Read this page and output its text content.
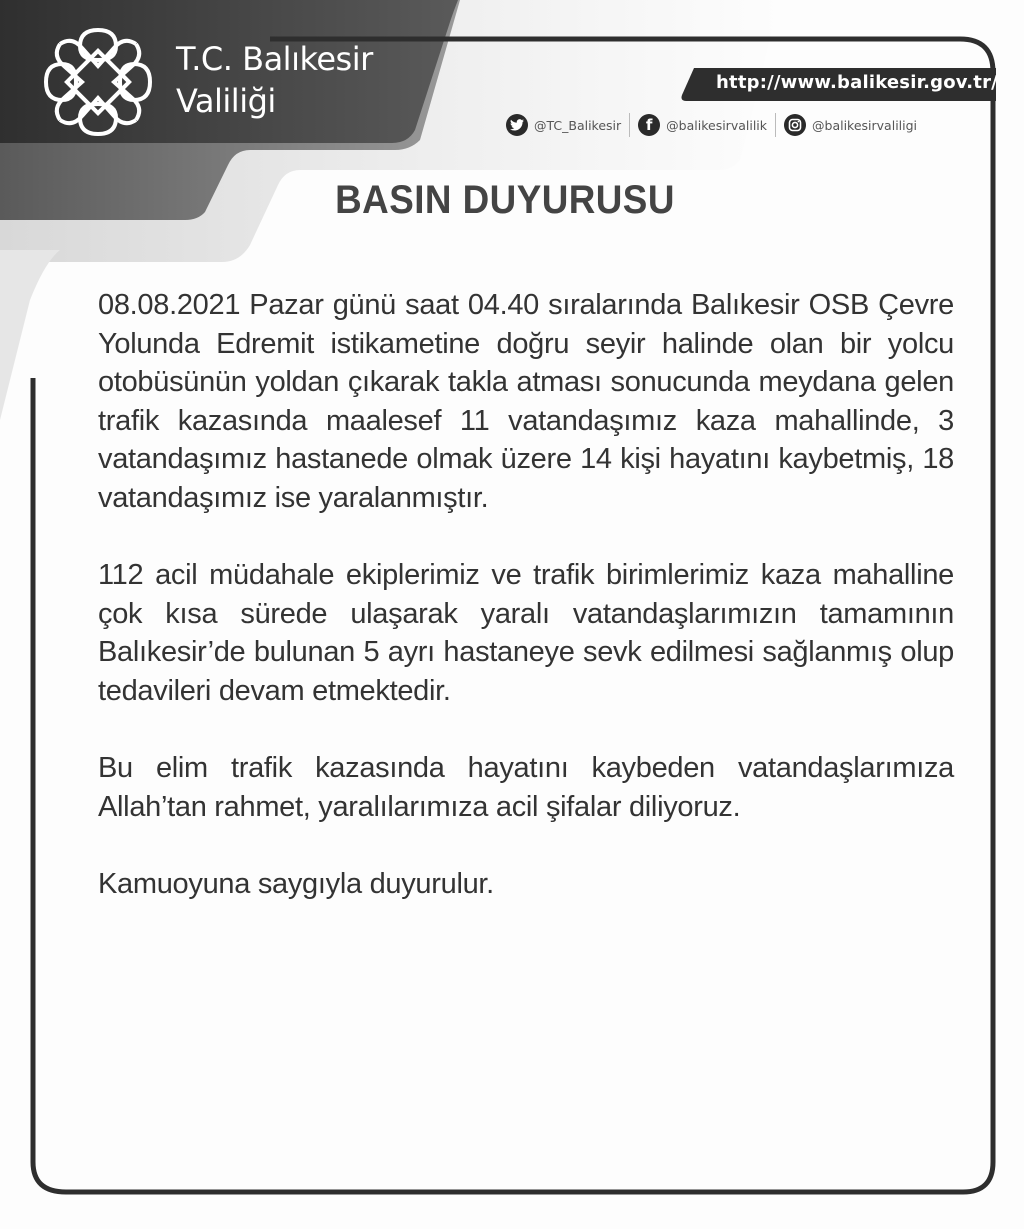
T.C. Balıkesir
Valiliği	http://www.balikesir.gov.tr/
@TC_Balikesir f @balikesirvalilik	@balikesirvaliligi
BASIN DUYURUSU

08.08.2021 Pazar günü saat 04.40 sıralarında Balıkesir OSB Çevre Yolunda Edremit istikametine doğru seyir halinde olan bir yolcu otobüsünün yoldan çıkarak takla atması sonucunda meydana gelen trafik kazasında maalesef 11 vatandaşımız kaza mahallinde, 3 vatandaşımız hastanede olmak üzere 14 kişi hayatını kaybetmiş, 18 vatandaşımız ise yaralanmıştır.

112 acil müdahale ekiplerimiz ve trafik birimlerimiz kaza mahalline çok kısa sürede ulaşarak yaralı vatandaşlarımızın tamamının Balıkesir’de bulunan 5 ayrı hastaneye sevk edilmesi sağlanmış olup tedavileri devam etmektedir.

Bu elim trafik kazasında hayatını kaybeden vatandaşlarımıza Allah’tan rahmet, yaralılarımıza acil şifalar diliyoruz.

Kamuoyuna saygıyla duyurulur.
